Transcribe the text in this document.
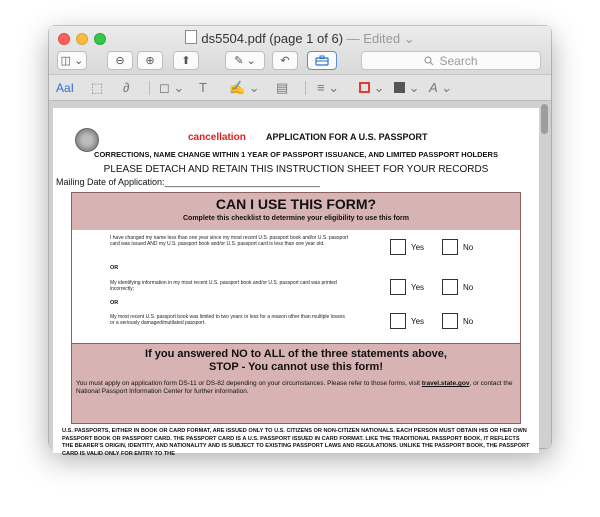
ds5504.pdf (page 1 of 6) — Edited ⌄
◫ ⌄	⊖	⊕	⬆	✎ ⌄	↶	Search
AaI ⬚ ∂ ◻ ⌄ T ✍ ⌄ ▤ ≡ ⌄	⌄	⌄ A ⌄
cancellation APPLICATION FOR A U.S. PASSPORT
CORRECTIONS, NAME CHANGE WITHIN 1 YEAR OF PASSPORT ISSUANCE, AND LIMITED PASSPORT HOLDERS
PLEASE DETACH AND RETAIN THIS INSTRUCTION SHEET FOR YOUR RECORDS
Mailing Date of Application:_______________________________
CAN I USE THIS FORM?
Complete this checklist to determine your eligibility to use this form
I have changed my name less than one year since my most recent U.S. passport book and/or U.S. passport card was issued AND my U.S. passport book and/or U.S. passport card is less than one year old.	Yes	No
OR
My identifying information in my most recent U.S. passport book and/or U.S. passport card was printed incorrectly;	Yes	No
OR
My most recent U.S. passport book was limited to two years or less for a reason other than multiple losses or a seriously damaged/mutilated passport.	Yes	No
If you answered NO to ALL of the three statements above,
STOP - You cannot use this form!
You must apply on application form DS-11 or DS-82 depending on your circumstances. Please refer to those forms, visit travel.state.gov, or contact the National Passport Information Center for further information.
U.S. PASSPORTS, EITHER IN BOOK OR CARD FORMAT, ARE ISSUED ONLY TO U.S. CITIZENS OR NON-CITIZEN NATIONALS. EACH PERSON MUST OBTAIN HIS OR HER OWN PASSPORT BOOK OR PASSPORT CARD. THE PASSPORT CARD IS A U.S. PASSPORT ISSUED IN CARD FORMAT. LIKE THE TRADITIONAL PASSPORT BOOK, IT REFLECTS THE BEARER'S ORIGIN, IDENTITY, AND NATIONALITY AND IS SUBJECT TO EXISTING PASSPORT LAWS AND REGULATIONS. UNLIKE THE PASSPORT BOOK, THE PASSPORT CARD IS VALID ONLY FOR ENTRY TO THE
